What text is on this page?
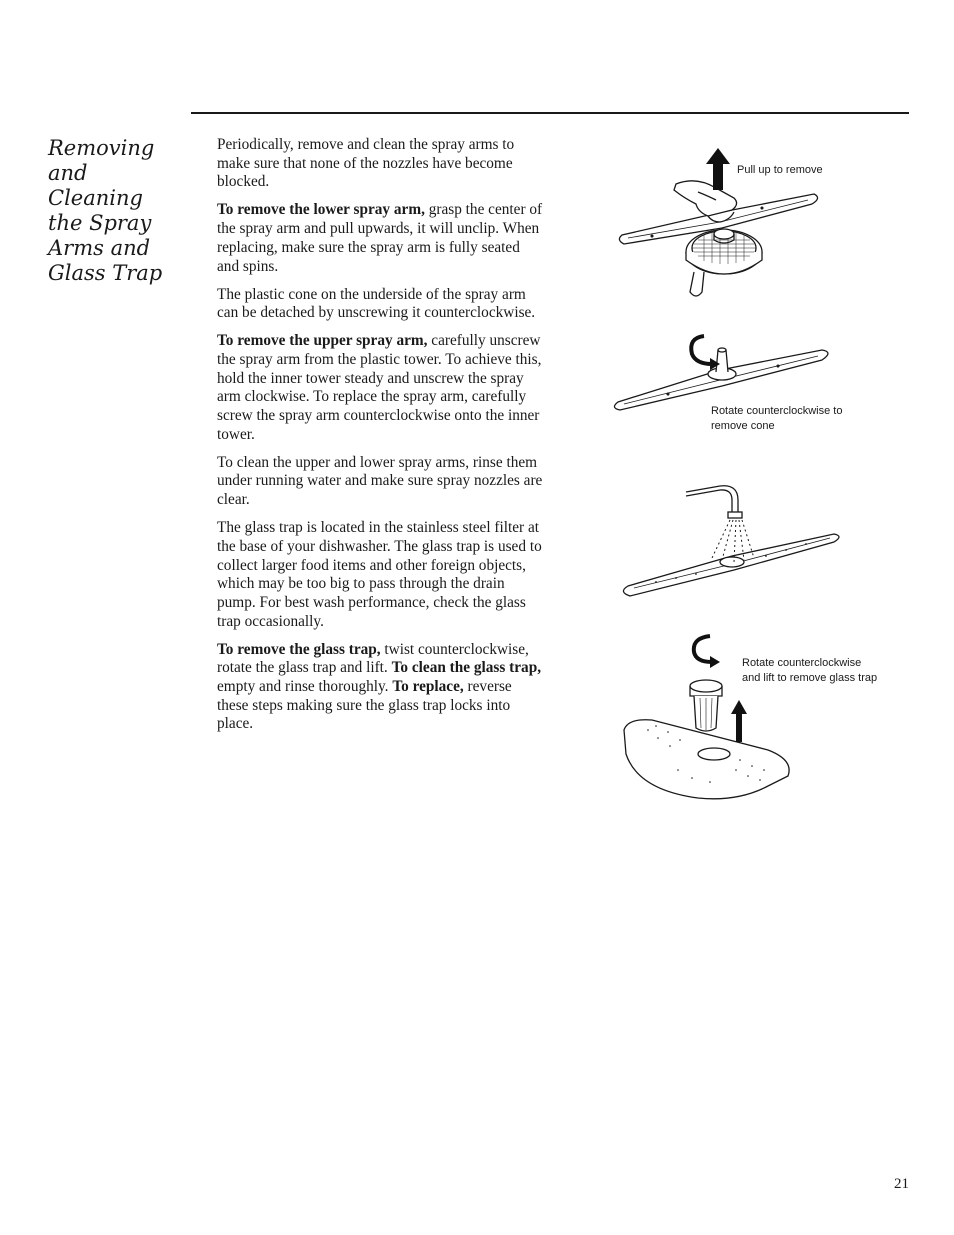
Removing
and Cleaning
the Spray
Arms and
Glass Trap

Periodically, remove and clean the spray arms to make sure that none of the nozzles have become blocked.

To remove the lower spray arm, grasp the center of the spray arm and pull upwards, it will unclip. When replacing, make sure the spray arm is fully seated and spins.

The plastic cone on the underside of the spray arm can be detached by unscrewing it counterclockwise.

To remove the upper spray arm, carefully unscrew the spray arm from the plastic tower. To achieve this, hold the inner tower steady and unscrew the spray arm clockwise. To replace the spray arm, carefully screw the spray arm counterclockwise onto the inner tower.

To clean the upper and lower spray arms, rinse them under running water and make sure spray nozzles are clear.

The glass trap is located in the stainless steel filter at the base of your dishwasher. The glass trap is used to collect larger food items and other foreign objects, which may be too big to pass through the drain pump. For best wash performance, check the glass trap occasionally.

To remove the glass trap, twist counterclockwise, rotate the glass trap and lift. To clean the glass trap, empty and rinse thoroughly. To replace, reverse these steps making sure the glass trap locks into place.

Pull up to remove
Rotate counterclockwise to
remove cone
Rotate counterclockwise
and lift to remove glass trap
21
